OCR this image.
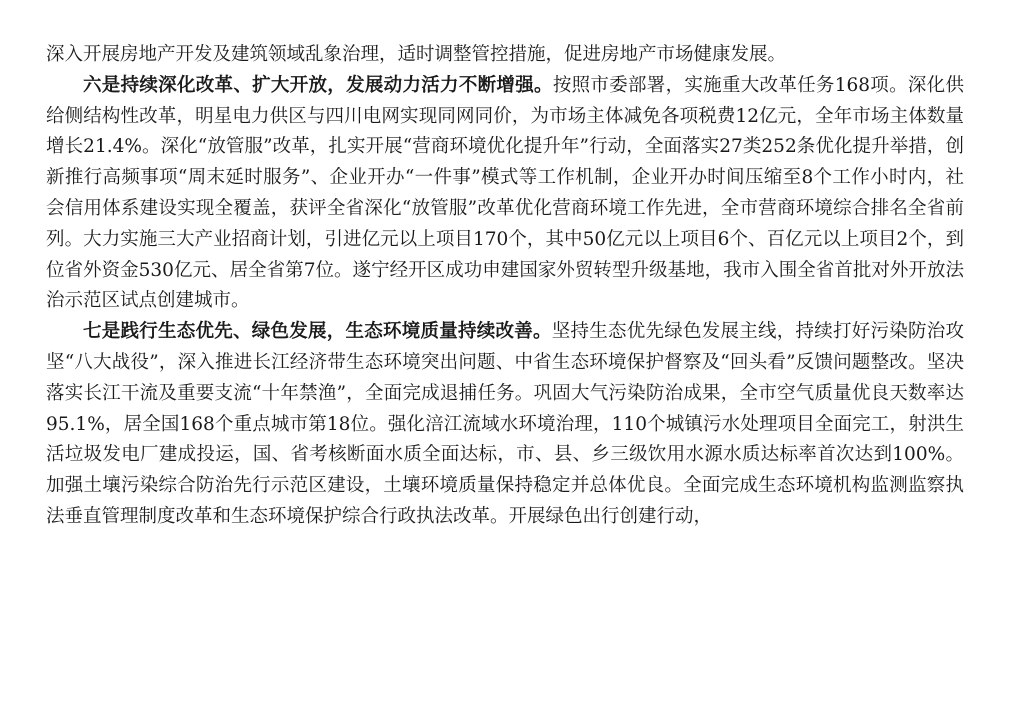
深入开展房地产开发及建筑领域乱象治理，适时调整管控措施，促进房地产市场健康发展。

六是持续深化改革、扩大开放，发展动力活力不断增强。按照市委部署，实施重大改革任务168项。深化供给侧结构性改革，明星电力供区与四川电网实现同网同价，为市场主体减免各项税费12亿元，全年市场主体数量增长21.4%。深化“放管服”改革，扎实开展“营商环境优化提升年”行动，全面落实27类252条优化提升举措，创新推行高频事项“周末延时服务”、企业开办“一件事”模式等工作机制，企业开办时间压缩至8个工作小时内，社会信用体系建设实现全覆盖，获评全省深化“放管服”改革优化营商环境工作先进，全市营商环境综合排名全省前列。大力实施三大产业招商计划，引进亿元以上项目170个，其中50亿元以上项目6个、百亿元以上项目2个，到位省外资金530亿元、居全省第7位。遂宁经开区成功申建国家外贸转型升级基地，我市入围全省首批对外开放法治示范区试点创建城市。

七是践行生态优先、绿色发展，生态环境质量持续改善。坚持生态优先绿色发展主线，持续打好污染防治攻坚“八大战役”，深入推进长江经济带生态环境突出问题、中省生态环境保护督察及“回头看”反馈问题整改。坚决落实长江干流及重要支流“十年禁渔”，全面完成退捕任务。巩固大气污染防治成果，全市空气质量优良天数率达95.1%，居全国168个重点城市第18位。强化涪江流域水环境治理，110个城镇污水处理项目全面完工，射洪生活垃圾发电厂建成投运，国、省考核断面水质全面达标，市、县、乡三级饮用水源水质达标率首次达到100%。加强土壤污染综合防治先行示范区建设，土壤环境质量保持稳定并总体优良。全面完成生态环境机构监测监察执法垂直管理制度改革和生态环境保护综合行政执法改革。开展绿色出行创建行动，
